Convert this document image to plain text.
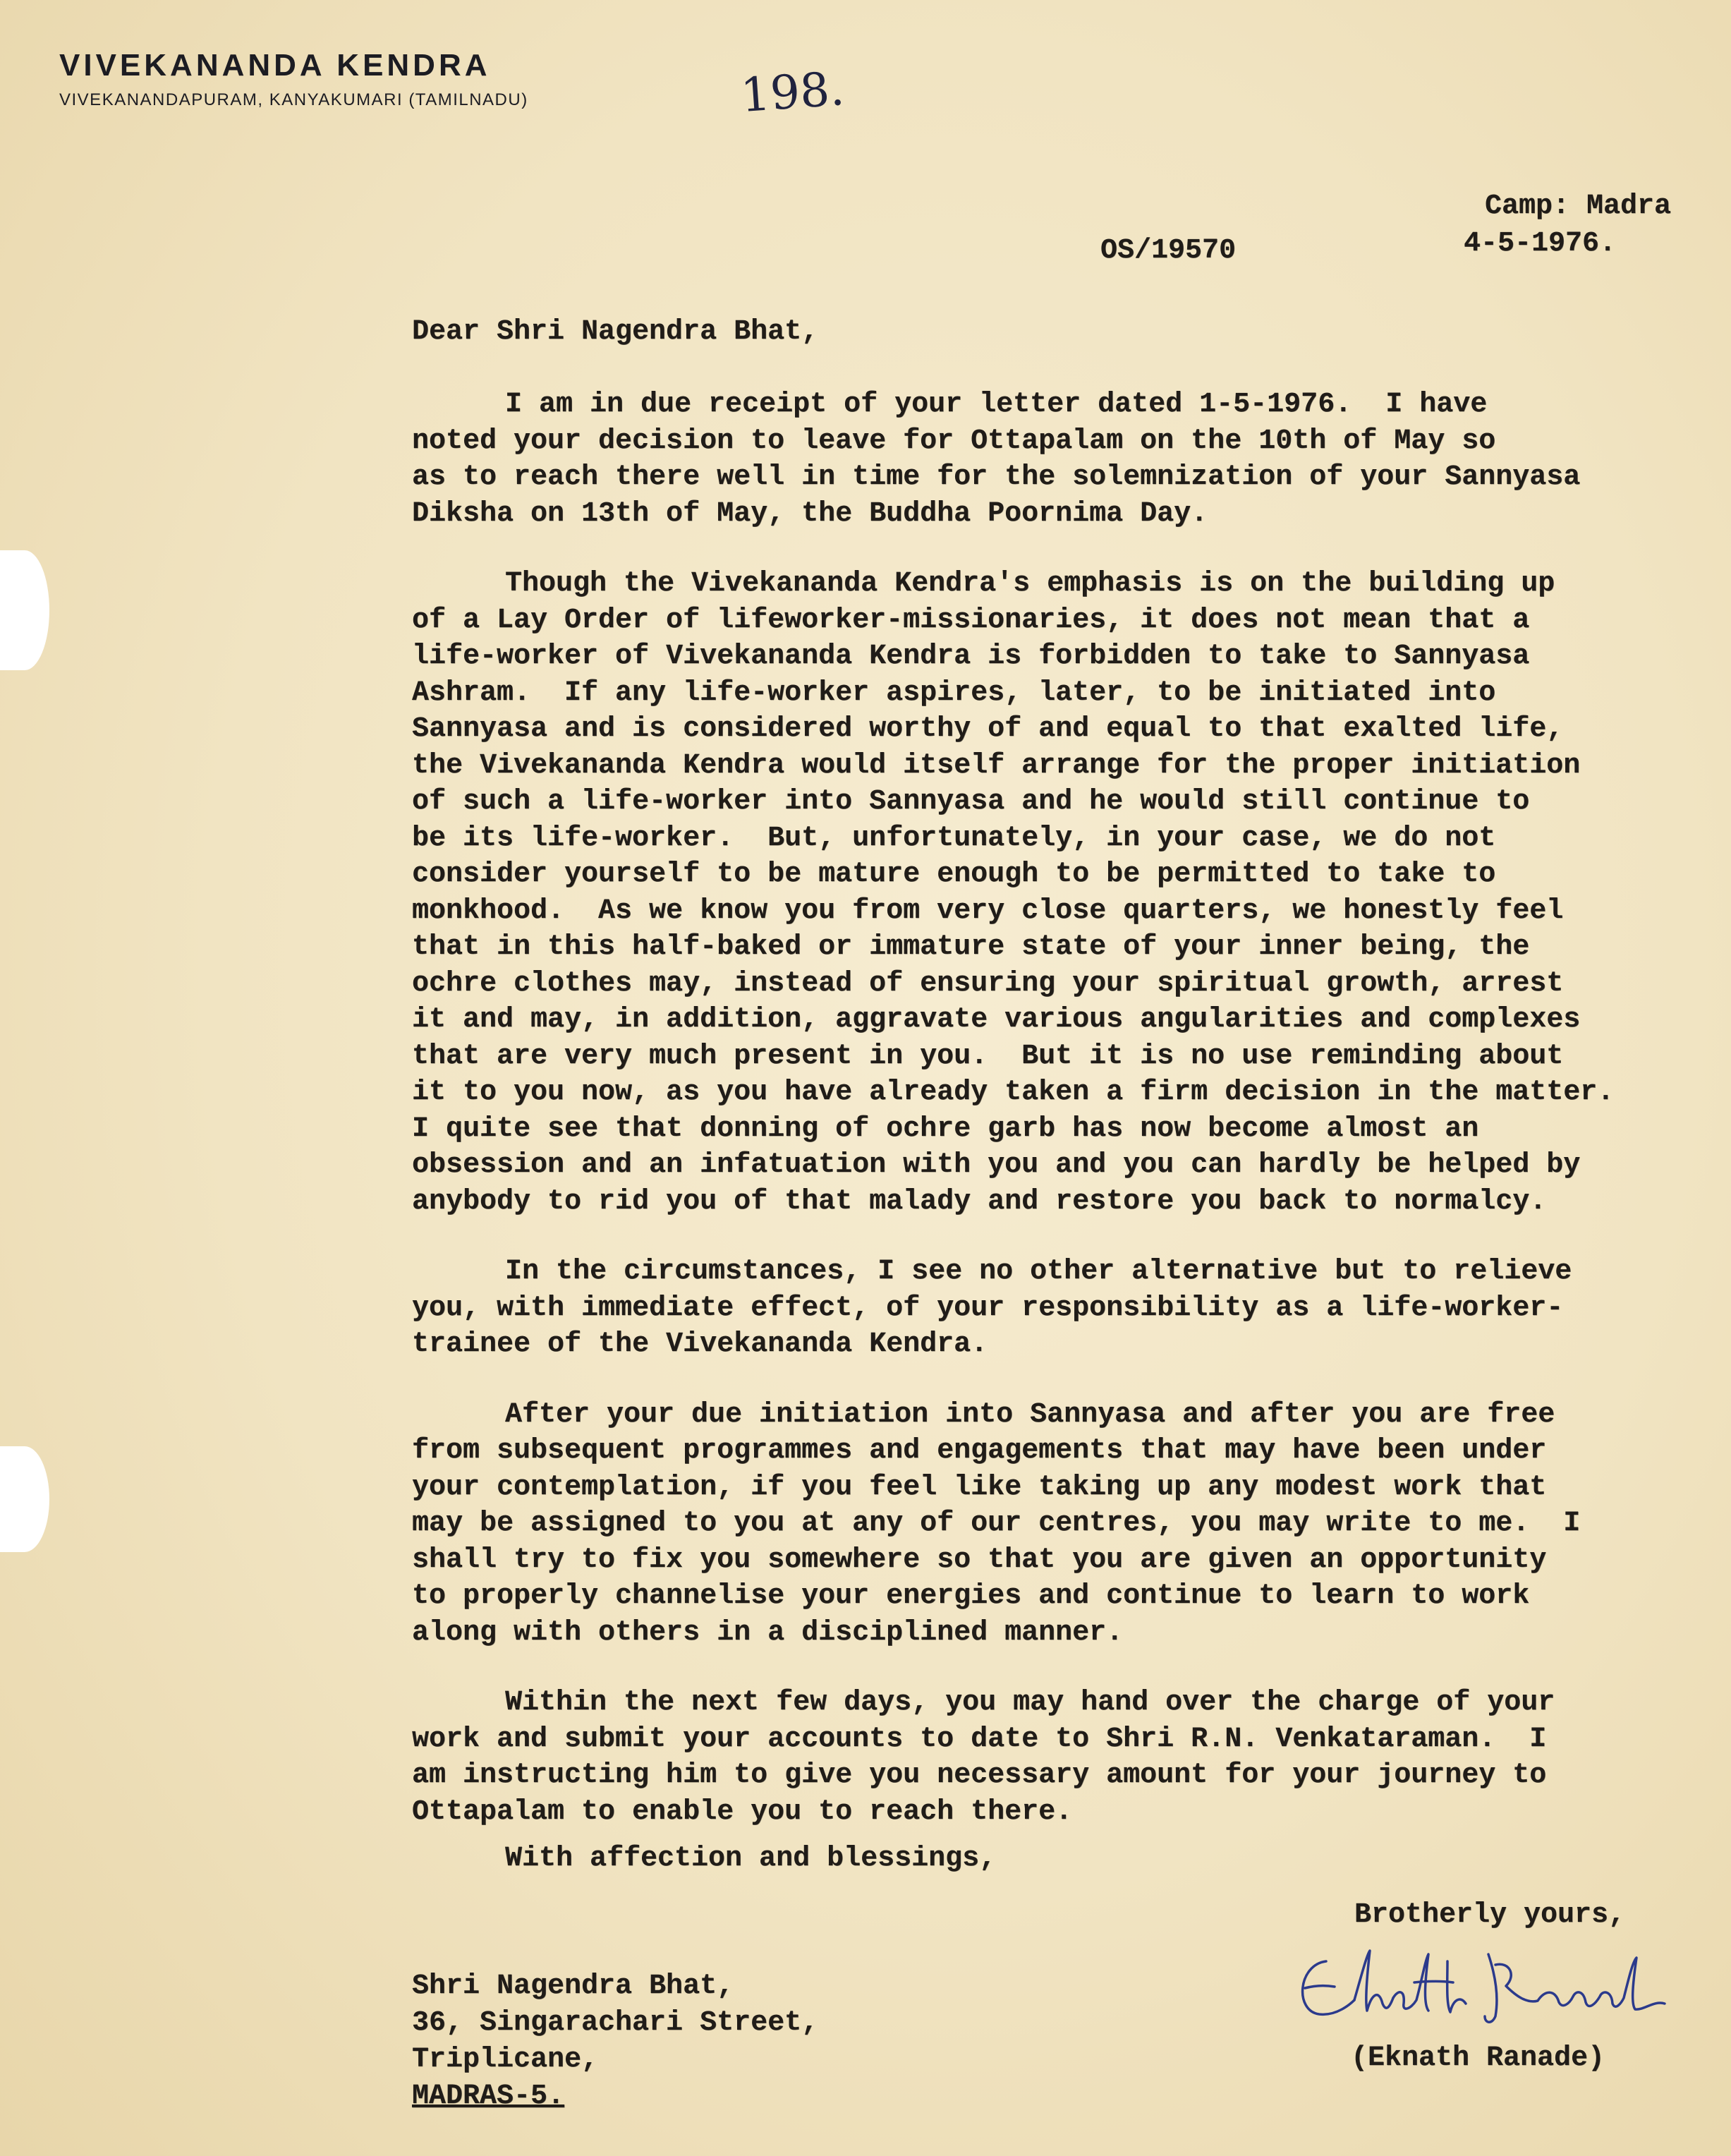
VIVEKANANDA KENDRA
VIVEKANANDAPURAM, KANYAKUMARI (TAMILNADU)	198.
OS/19570
Camp: Madra
4-5-1976.
Dear Shri Nagendra Bhat,
I am in due receipt of your letter dated 1-5-1976.  I have
noted your decision to leave for Ottapalam on the 10th of May so
as to reach there well in time for the solemnization of your Sannyasa
Diksha on 13th of May, the Buddha Poornima Day.
Though the Vivekananda Kendra's emphasis is on the building up
of a Lay Order of lifeworker-missionaries, it does not mean that a
life-worker of Vivekananda Kendra is forbidden to take to Sannyasa
Ashram.  If any life-worker aspires, later, to be initiated into
Sannyasa and is considered worthy of and equal to that exalted life,
the Vivekananda Kendra would itself arrange for the proper initiation
of such a life-worker into Sannyasa and he would still continue to
be its life-worker.  But, unfortunately, in your case, we do not
consider yourself to be mature enough to be permitted to take to
monkhood.  As we know you from very close quarters, we honestly feel
that in this half-baked or immature state of your inner being, the
ochre clothes may, instead of ensuring your spiritual growth, arrest
it and may, in addition, aggravate various angularities and complexes
that are very much present in you.  But it is no use reminding about
it to you now, as you have already taken a firm decision in the matter.
I quite see that donning of ochre garb has now become almost an
obsession and an infatuation with you and you can hardly be helped by
anybody to rid you of that malady and restore you back to normalcy.
In the circumstances, I see no other alternative but to relieve
you, with immediate effect, of your responsibility as a life-worker-
trainee of the Vivekananda Kendra.
After your due initiation into Sannyasa and after you are free
from subsequent programmes and engagements that may have been under
your contemplation, if you feel like taking up any modest work that
may be assigned to you at any of our centres, you may write to me.  I
shall try to fix you somewhere so that you are given an opportunity
to properly channelise your energies and continue to learn to work
along with others in a disciplined manner.
Within the next few days, you may hand over the charge of your
work and submit your accounts to date to Shri R.N. Venkataraman.  I
am instructing him to give you necessary amount for your journey to
Ottapalam to enable you to reach there.
With affection and blessings,
Brotherly yours,
Shri Nagendra Bhat,
36, Singarachari Street,
Triplicane,
MADRAS-5.
(Eknath Ranade)
